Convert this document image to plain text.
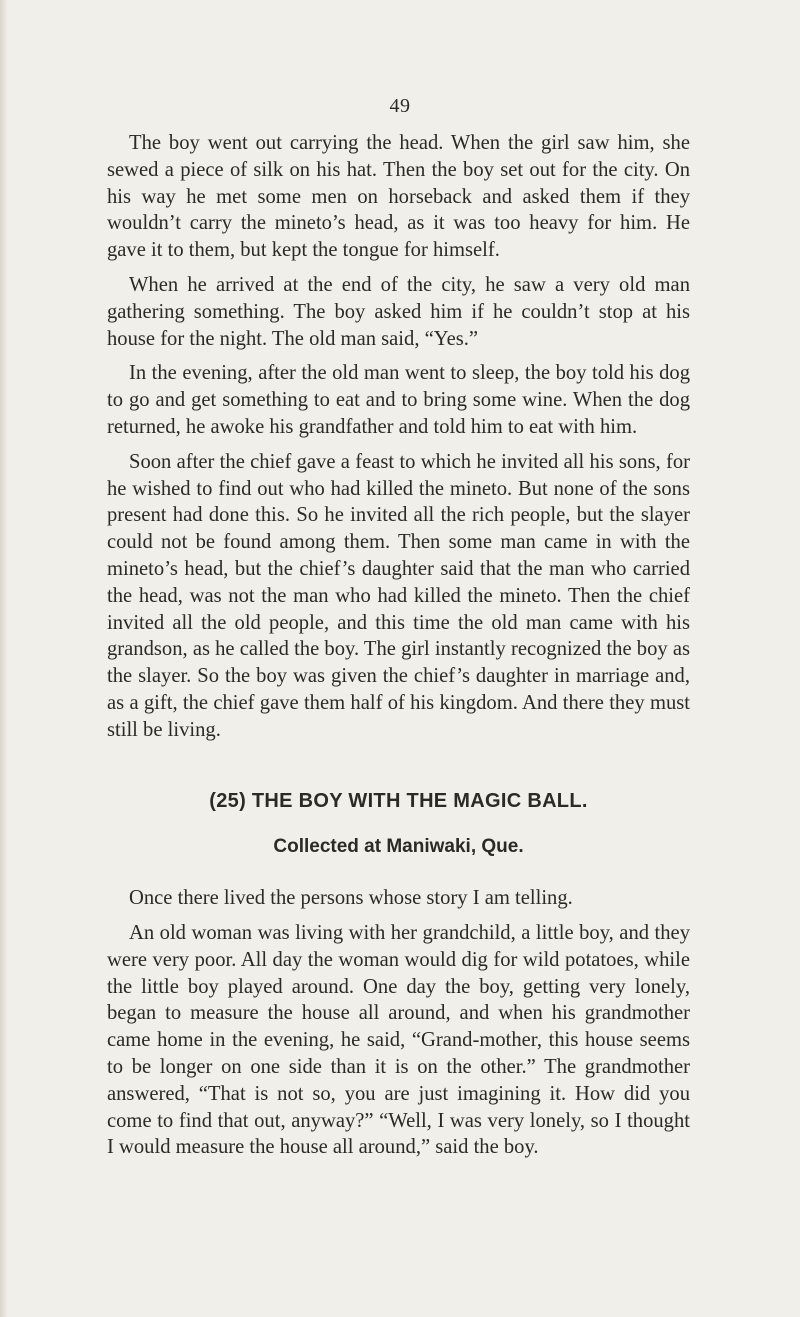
49

The boy went out carrying the head. When the girl saw him, she sewed a piece of silk on his hat. Then the boy set out for the city. On his way he met some men on horseback and asked them if they wouldn’t carry the mineto’s head, as it was too heavy for him. He gave it to them, but kept the tongue for himself.

When he arrived at the end of the city, he saw a very old man gathering something. The boy asked him if he couldn’t stop at his house for the night. The old man said, “Yes.”

In the evening, after the old man went to sleep, the boy told his dog to go and get something to eat and to bring some wine. When the dog returned, he awoke his grandfather and told him to eat with him.

Soon after the chief gave a feast to which he invited all his sons, for he wished to find out who had killed the mineto. But none of the sons present had done this. So he invited all the rich people, but the slayer could not be found among them. Then some man came in with the mineto’s head, but the chief’s daughter said that the man who carried the head, was not the man who had killed the mineto. Then the chief invited all the old people, and this time the old man came with his grandson, as he called the boy. The girl instantly recognized the boy as the slayer. So the boy was given the chief’s daughter in marriage and, as a gift, the chief gave them half of his kingdom. And there they must still be living.

(25) THE BOY WITH THE MAGIC BALL.
Collected at Maniwaki, Que.

Once there lived the persons whose story I am telling.

An old woman was living with her grandchild, a little boy, and they were very poor. All day the woman would dig for wild potatoes, while the little boy played around. One day the boy, getting very lonely, began to measure the house all around, and when his grandmother came home in the evening, he said, “Grand-mother, this house seems to be longer on one side than it is on the other.” The grandmother answered, “That is not so, you are just imagining it. How did you come to find that out, anyway?” “Well, I was very lonely, so I thought I would measure the house all around,” said the boy.
